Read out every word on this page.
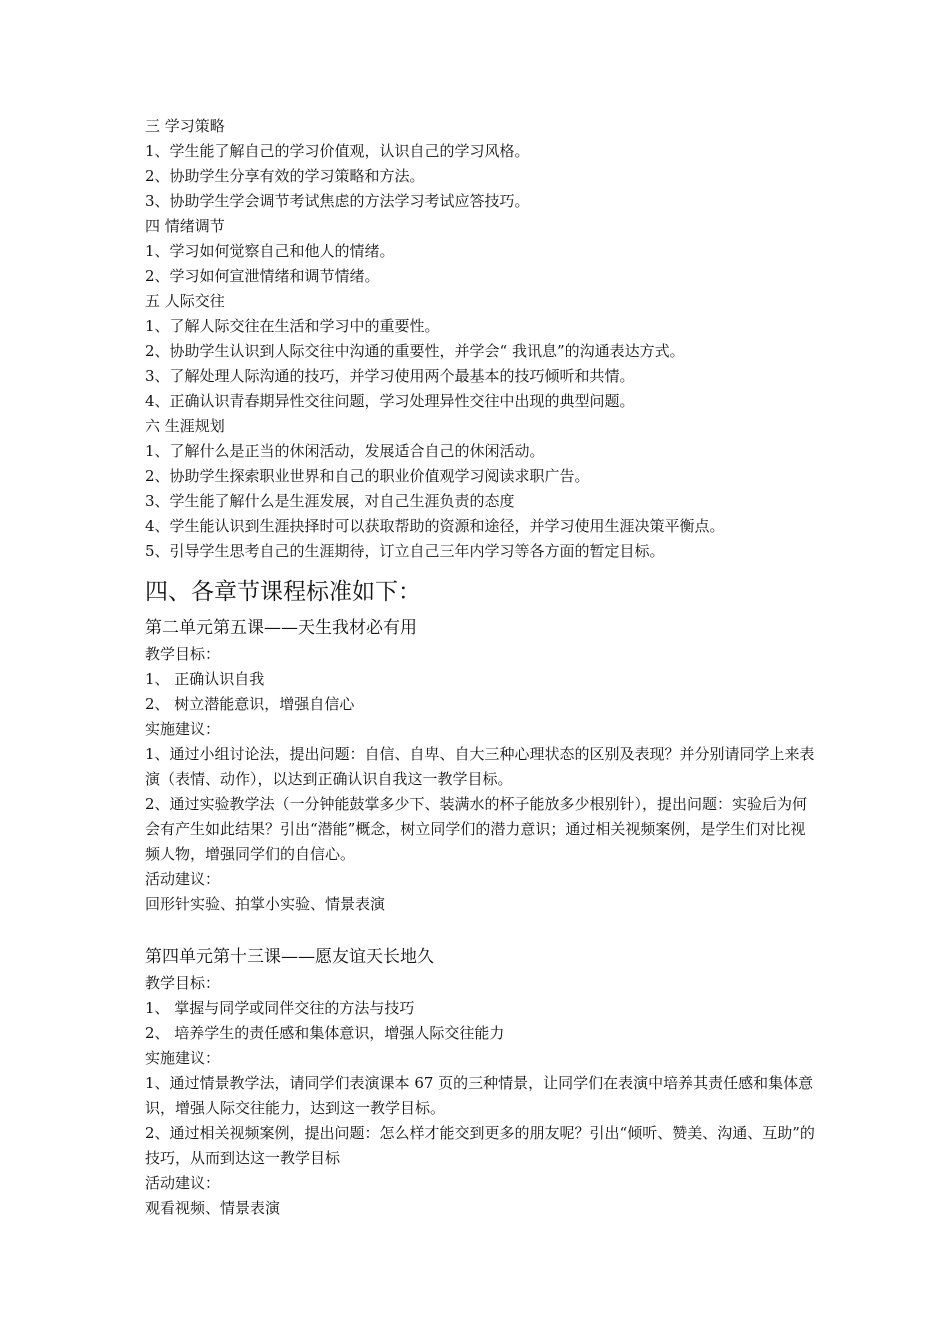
三 学习策略

1、学生能了解自己的学习价值观，认识自己的学习风格。

2、协助学生分享有效的学习策略和方法。

3、协助学生学会调节考试焦虑的方法学习考试应答技巧。

四 情绪调节

1、学习如何觉察自己和他人的情绪。

2、学习如何宣泄情绪和调节情绪。

五 人际交往

1、了解人际交往在生活和学习中的重要性。

2、协助学生认识到人际交往中沟通的重要性，并学会“ 我讯息”的沟通表达方式。

3、了解处理人际沟通的技巧，并学习使用两个最基本的技巧倾听和共情。

4、正确认识青春期异性交往问题，学习处理异性交往中出现的典型问题。

六 生涯规划

1、了解什么是正当的休闲活动，发展适合自己的休闲活动。

2、协助学生探索职业世界和自己的职业价值观学习阅读求职广告。

3、学生能了解什么是生涯发展，对自己生涯负责的态度

4、学生能认识到生涯抉择时可以获取帮助的资源和途径，并学习使用生涯决策平衡点。

5、引导学生思考自己的生涯期待，订立自己三年内学习等各方面的暂定目标。

四、各章节课程标准如下：

第二单元第五课——天生我材必有用

教学目标：

1、 正确认识自我

2、 树立潜能意识，增强自信心

实施建议：

1、通过小组讨论法，提出问题：自信、自卑、自大三种心理状态的区别及表现？并分别请同学上来表演（表情、动作），以达到正确认识自我这一教学目标。

2、通过实验教学法（一分钟能鼓掌多少下、装满水的杯子能放多少根别针），提出问题：实验后为何会有产生如此结果？引出“潜能”概念，树立同学们的潜力意识；通过相关视频案例，是学生们对比视频人物，增强同学们的自信心。

活动建议：

回形针实验、拍掌小实验、情景表演

第四单元第十三课——愿友谊天长地久

教学目标：

1、 掌握与同学或同伴交往的方法与技巧

2、 培养学生的责任感和集体意识，增强人际交往能力

实施建议：

1、通过情景教学法，请同学们表演课本 67 页的三种情景，让同学们在表演中培养其责任感和集体意识，增强人际交往能力，达到这一教学目标。

2、通过相关视频案例，提出问题：怎么样才能交到更多的朋友呢？引出“倾听、赞美、沟通、互助”的技巧，从而到达这一教学目标

活动建议：

观看视频、情景表演
